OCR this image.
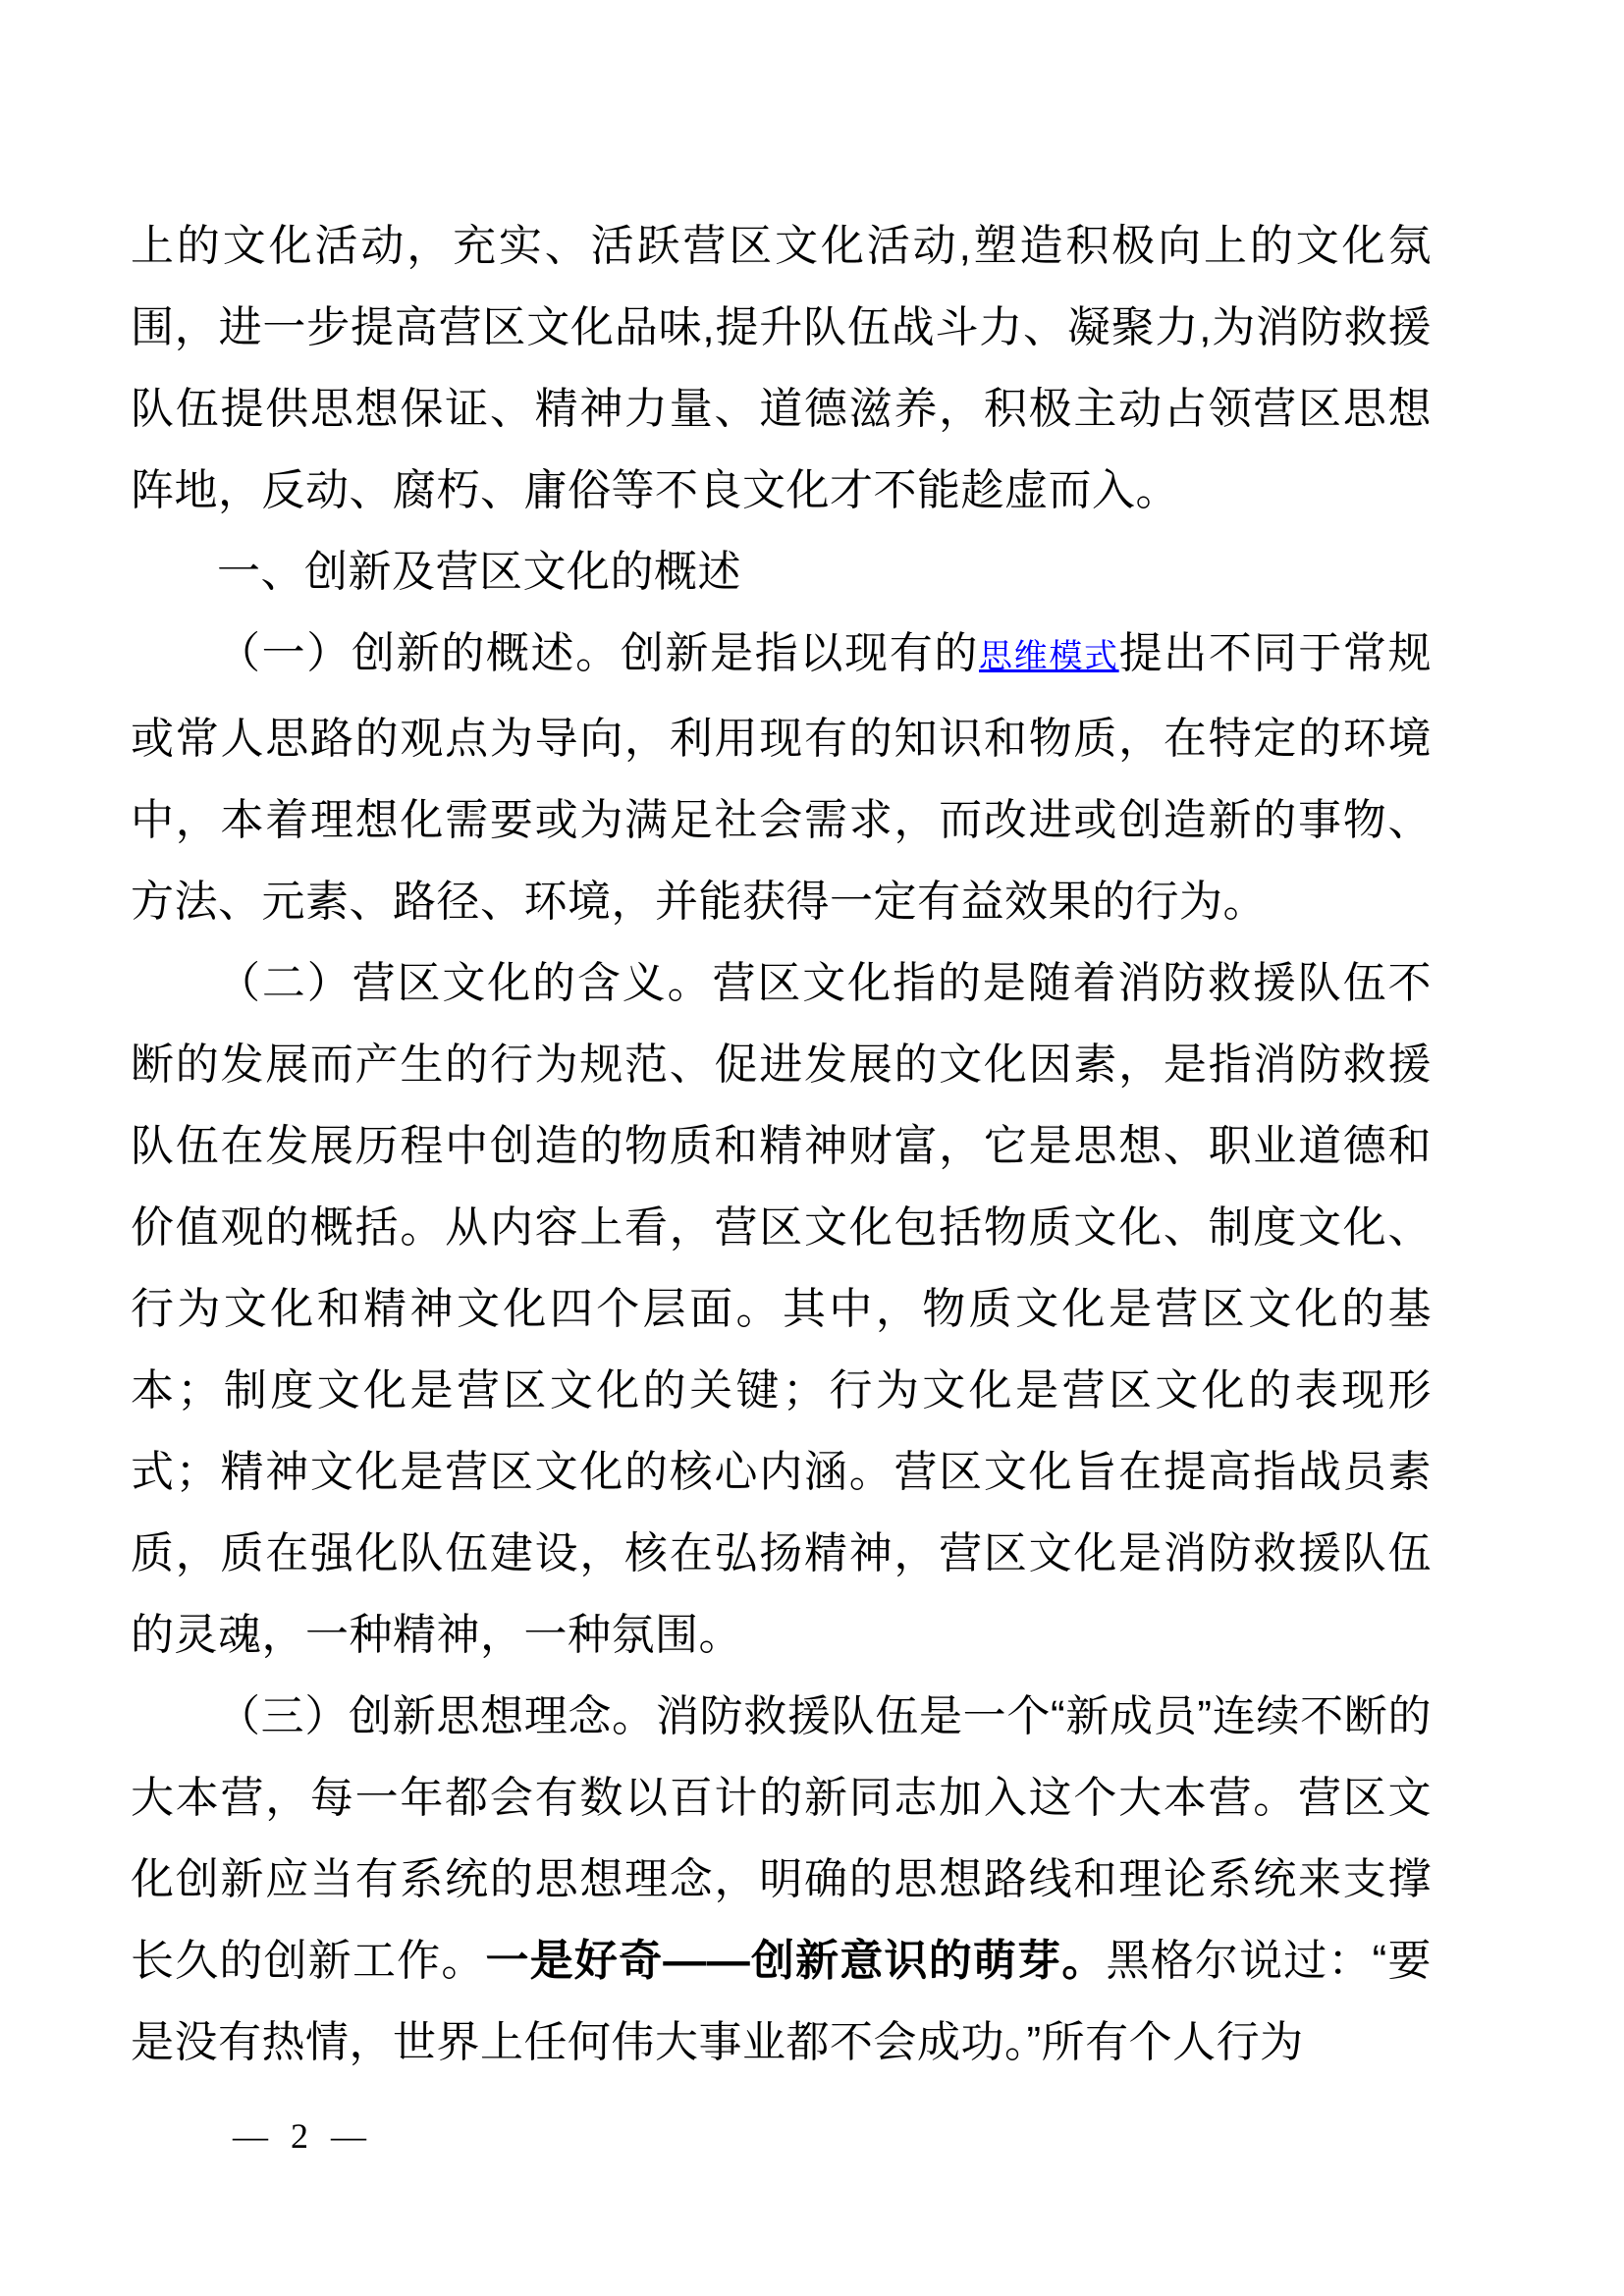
上的文化活动，充实、活跃营区文化活动,塑造积极向上的文化氛围，进一步提高营区文化品味,提升队伍战斗力、凝聚力,为消防救援队伍提供思想保证、精神力量、道德滋养，积极主动占领营区思想阵地，反动、腐朽、庸俗等不良文化才不能趁虚而入。

一、创新及营区文化的概述

（一）创新的概述。创新是指以现有的思维模式提出不同于常规或常人思路的观点为导向，利用现有的知识和物质，在特定的环境中，本着理想化需要或为满足社会需求，而改进或创造新的事物、方法、元素、路径、环境，并能获得一定有益效果的行为。

（二）营区文化的含义。营区文化指的是随着消防救援队伍不断的发展而产生的行为规范、促进发展的文化因素，是指消防救援队伍在发展历程中创造的物质和精神财富，它是思想、职业道德和价值观的概括。从内容上看，营区文化包括物质文化、制度文化、行为文化和精神文化四个层面。其中，物质文化是营区文化的基本；制度文化是营区文化的关键；行为文化是营区文化的表现形式；精神文化是营区文化的核心内涵。营区文化旨在提高指战员素质，质在强化队伍建设，核在弘扬精神，营区文化是消防救援队伍的灵魂，一种精神，一种氛围。

（三）创新思想理念。消防救援队伍是一个“新成员”连续不断的大本营，每一年都会有数以百计的新同志加入这个大本营。营区文化创新应当有系统的思想理念，明确的思想路线和理论系统来支撑长久的创新工作。一是好奇——创新意识的萌芽。黑格尔说过：“要是没有热情，世界上任何伟大事业都不会成功。”所有个人行为

— 2 —
